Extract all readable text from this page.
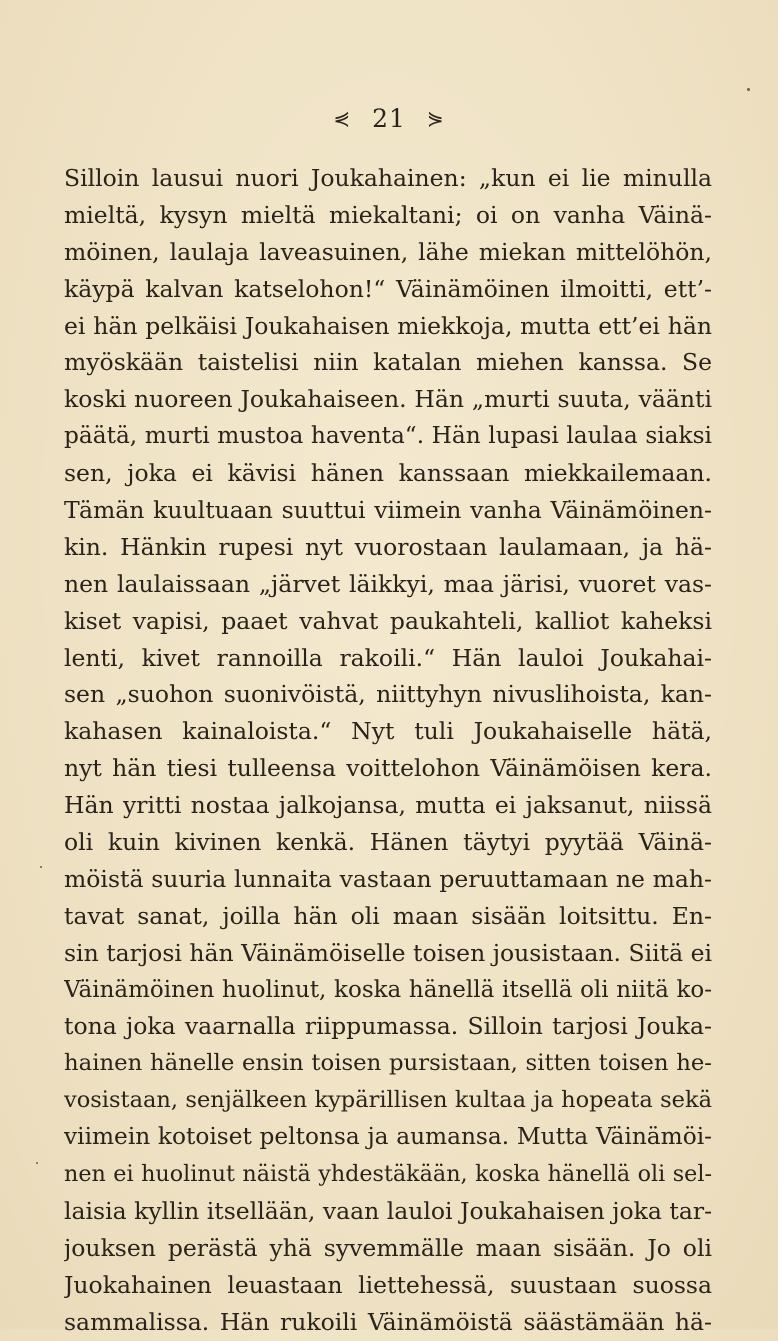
⋞ 21 ⋟
Silloin lausui nuori Joukahainen: „kun ei lie minulla
mieltä, kysyn mieltä miekaltani; oi on vanha Väinä-
möinen, laulaja laveasuinen, lähe miekan mittelöhön,
käypä kalvan katselohon!“ Väinämöinen ilmoitti, ett’-
ei hän pelkäisi Joukahaisen miekkoja, mutta ett’ei hän
myöskään taistelisi niin katalan miehen kanssa. Se
koski nuoreen Joukahaiseen. Hän „murti suuta, väänti
päätä, murti mustoa haventa“. Hän lupasi laulaa siaksi
sen, joka ei kävisi hänen kanssaan miekkailemaan.
Tämän kuultuaan suuttui viimein vanha Väinämöinen-
kin. Hänkin rupesi nyt vuorostaan laulamaan, ja hä-
nen laulaissaan „järvet läikkyi, maa järisi, vuoret vas-
kiset vapisi, paaet vahvat paukahteli, kalliot kaheksi
lenti, kivet rannoilla rakoili.“ Hän lauloi Joukahai-
sen „suohon suonivöistä, niittyhyn nivuslihoista, kan-
kahasen kainaloista.“ Nyt tuli Joukahaiselle hätä,
nyt hän tiesi tulleensa voittelohon Väinämöisen kera.
Hän yritti nostaa jalkojansa, mutta ei jaksanut, niissä
oli kuin kivinen kenkä. Hänen täytyi pyytää Väinä-
möistä suuria lunnaita vastaan peruuttamaan ne mah-
tavat sanat, joilla hän oli maan sisään loitsittu. En-
sin tarjosi hän Väinämöiselle toisen jousistaan. Siitä ei
Väinämöinen huolinut, koska hänellä itsellä oli niitä ko-
tona joka vaarnalla riippumassa. Silloin tarjosi Jouka-
hainen hänelle ensin toisen pursistaan, sitten toisen he-
vosistaan, senjälkeen kypärillisen kultaa ja hopeata sekä
viimein kotoiset peltonsa ja aumansa. Mutta Väinämöi-
nen ei huolinut näistä yhdestäkään, koska hänellä oli sel-
laisia kyllin itsellään, vaan lauloi Joukahaisen joka tar-
jouksen perästä yhä syvemmälle maan sisään. Jo oli
Juokahainen leuastaan liettehessä, suustaan suossa
sammalissa. Hän rukoili Väinämöistä säästämään hä-
